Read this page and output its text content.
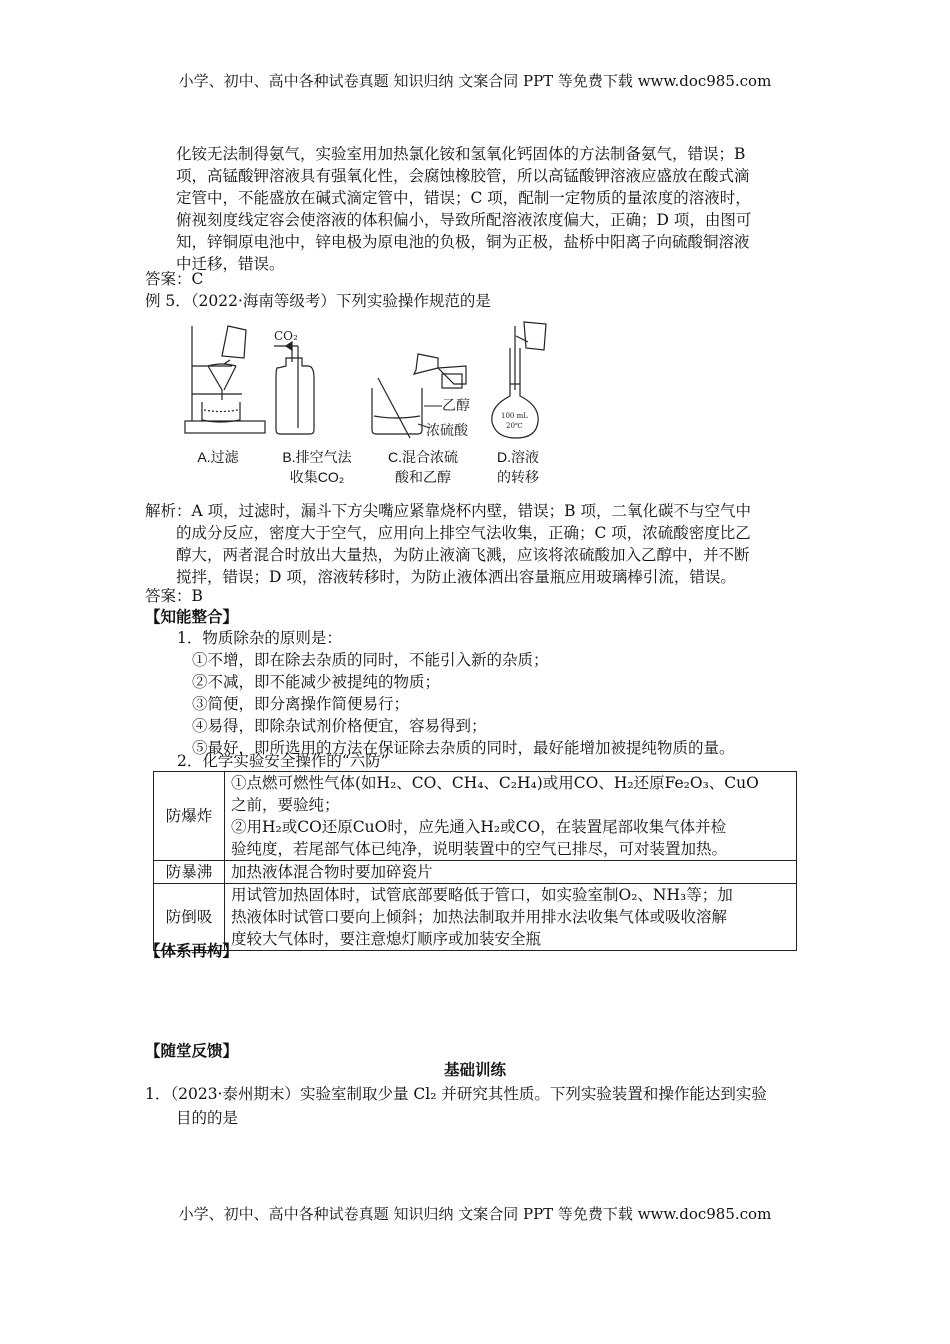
小学、初中、高中各种试卷真题 知识归纳 文案合同 PPT 等免费下载 www.doc985.com
化铵无法制得氨气，实验室用加热氯化铵和氢氧化钙固体的方法制备氨气，错误；B
项，高锰酸钾溶液具有强氧化性，会腐蚀橡胶管，所以高锰酸钾溶液应盛放在酸式滴
定管中，不能盛放在碱式滴定管中，错误；C 项，配制一定物质的量浓度的溶液时，
俯视刻度线定容会使溶液的体积偏小，导致所配溶液浓度偏大，正确；D 项，由图可
知，锌铜原电池中，锌电极为原电池的负极，铜为正极，盐桥中阳离子向硫酸铜溶液
中迁移，错误。
答案：C
例 5．（2022·海南等级考）下列实验操作规范的是
CO₂
乙醇
浓硫酸
100 mL
20℃
A.过滤	B.排空气法
收集CO₂
C.混合浓硫
酸和乙醇
D.溶液
的转移
解析：A 项，过滤时，漏斗下方尖嘴应紧靠烧杯内壁，错误；B 项，二氧化碳不与空气中
的成分反应，密度大于空气，应用向上排空气法收集，正确；C 项，浓硫酸密度比乙
醇大，两者混合时放出大量热，为防止液滴飞溅，应该将浓硫酸加入乙醇中，并不断
搅拌，错误；D 项，溶液转移时，为防止液体洒出容量瓶应用玻璃棒引流，错误。
答案：B
【知能整合】
1．物质除杂的原则是：
①不增，即在除去杂质的同时，不能引入新的杂质；
②不减，即不能减少被提纯的物质；
③简便，即分离操作简便易行；
④易得，即除杂试剂价格便宜，容易得到；
⑤最好，即所选用的方法在保证除去杂质的同时，最好能增加被提纯物质的量。
2．化学实验安全操作的“六防”
防爆炸	①点燃可燃性气体(如H₂、CO、CH₄、C₂H₄)或用CO、H₂还原Fe₂O₃、CuO
之前，要验纯；
②用H₂或CO还原CuO时，应先通入H₂或CO，在装置尾部收集气体并检
验纯度，若尾部气体已纯净，说明装置中的空气已排尽，可对装置加热。

防暴沸	加热液体混合物时要加碎瓷片

防倒吸	用试管加热固体时，试管底部要略低于管口，如实验室制O₂、NH₃等；加
热液体时试管口要向上倾斜；加热法制取并用排水法收集气体或吸收溶解
度较大气体时，要注意熄灯顺序或加装安全瓶
【体系再构】
【随堂反馈】
基础训练
1．（2023·泰州期末）实验室制取少量 Cl₂ 并研究其性质。下列实验装置和操作能达到实验
目的的是
小学、初中、高中各种试卷真题 知识归纳 文案合同 PPT 等免费下载 www.doc985.com
